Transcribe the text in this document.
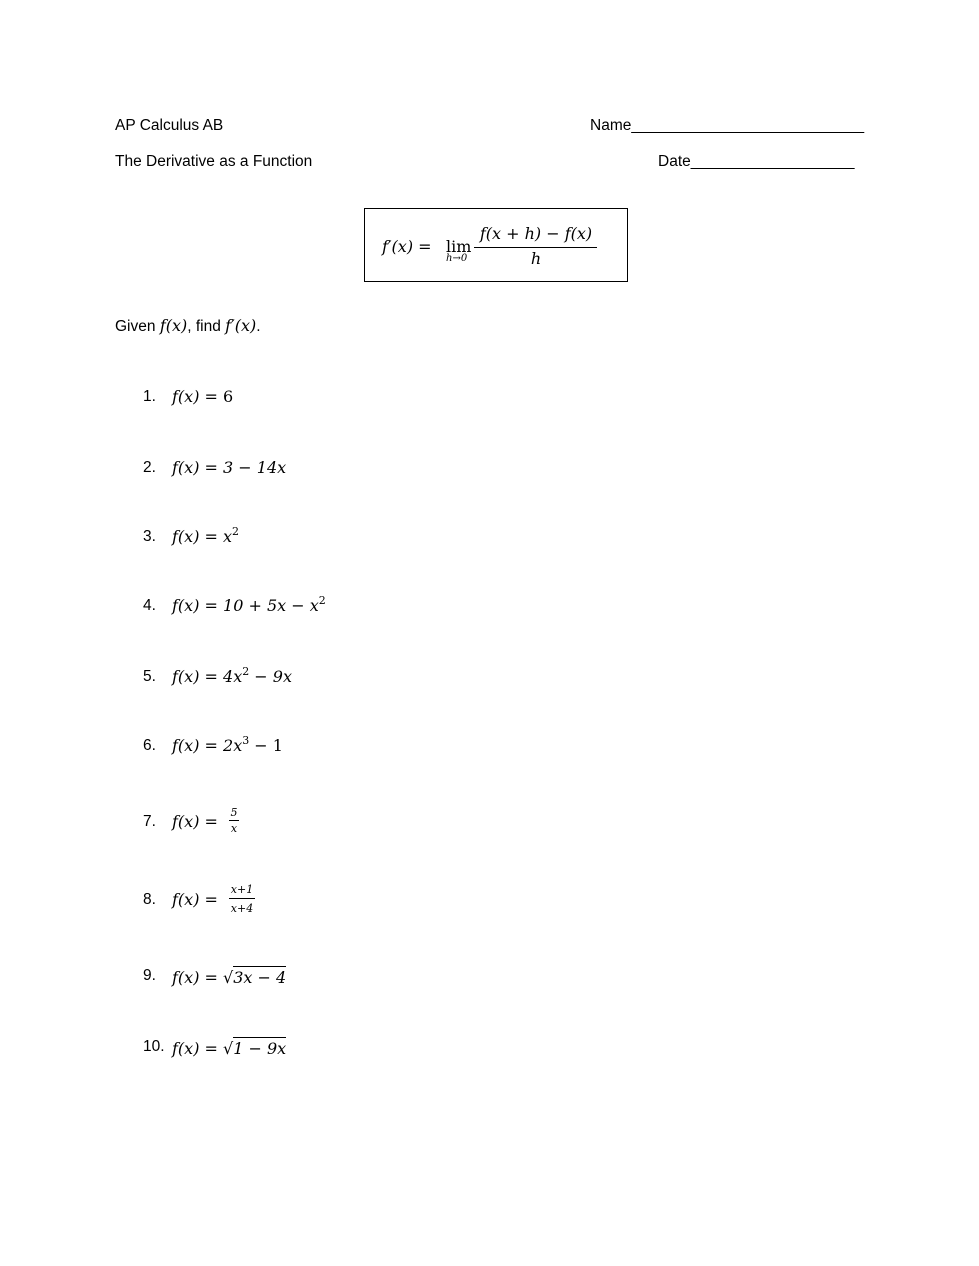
AP Calculus AB	Name___________________________
The Derivative as a Function	Date___________________
f′(x) = lim
h→0
f(x + h) − f(x)
h
Given f(x), find f′(x).
1. f(x) = 6
2. f(x) = 3 − 14x
3. $f(x) = x^2$
4. $f(x) = 10 + 5x - x^2$
5. $f(x) = 4x^2 - 9x$
6. $f(x) = 2x^3 - 1$
7. f(x) = 5
x
8. f(x) =
x+1
x+4
9. f(x) = √3x − 4
10. f(x) = √1 − 9x
